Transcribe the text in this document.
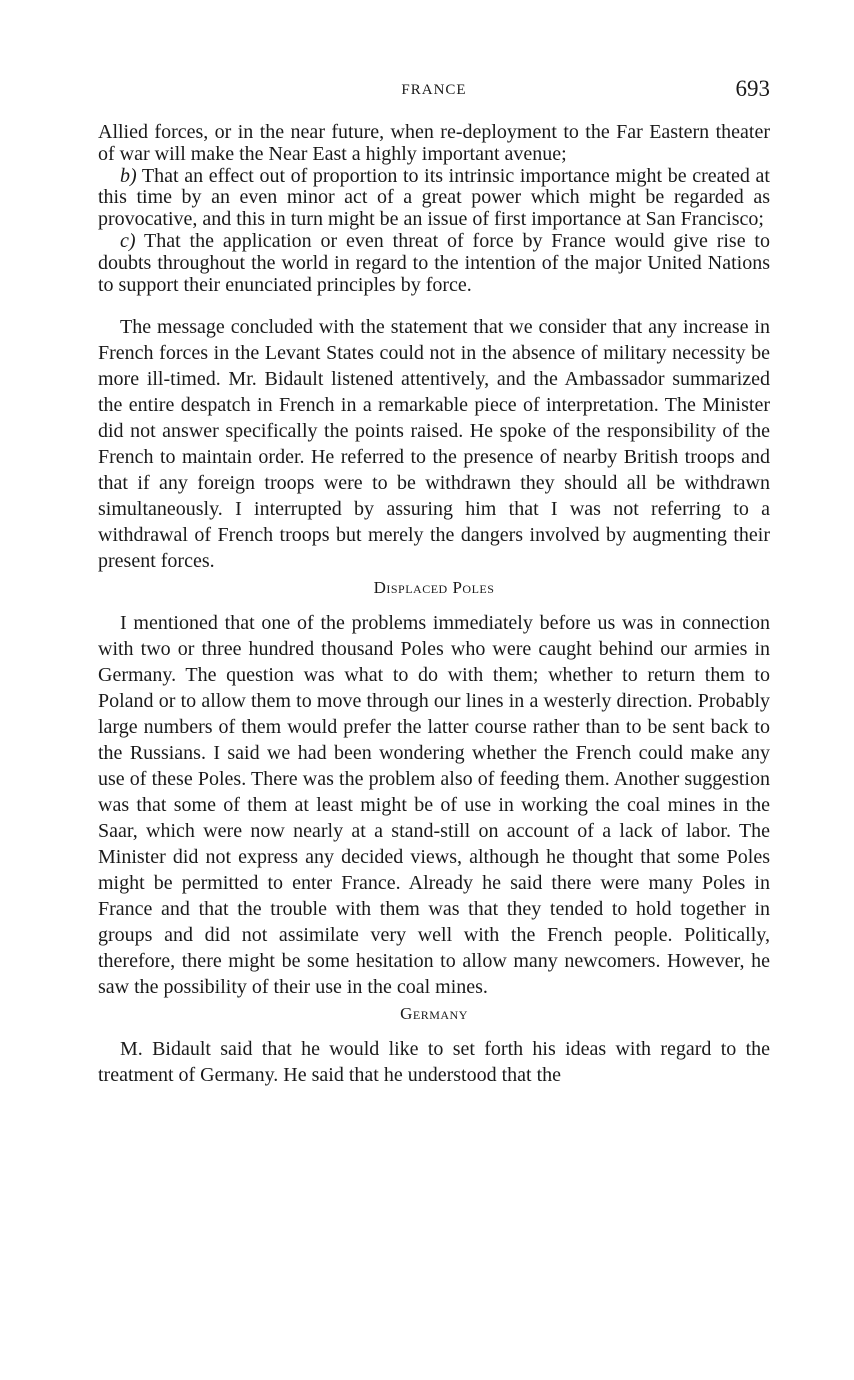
FRANCE	693

Allied forces, or in the near future, when re-deployment to the Far Eastern theater of war will make the Near East a highly important avenue;

b) That an effect out of proportion to its intrinsic importance might be created at this time by an even minor act of a great power which might be regarded as provocative, and this in turn might be an issue of first importance at San Francisco;

c) That the application or even threat of force by France would give rise to doubts throughout the world in regard to the intention of the major United Nations to support their enunciated principles by force.

The message concluded with the statement that we consider that any increase in French forces in the Levant States could not in the absence of military necessity be more ill-timed. Mr. Bidault listened attentively, and the Ambassador summarized the entire despatch in French in a remarkable piece of interpretation. The Minister did not answer specifically the points raised. He spoke of the responsibility of the French to maintain order. He referred to the presence of nearby British troops and that if any foreign troops were to be withdrawn they should all be withdrawn simultaneously. I interrupted by assuring him that I was not referring to a withdrawal of French troops but merely the dangers involved by augmenting their present forces.

Displaced Poles

I mentioned that one of the problems immediately before us was in connection with two or three hundred thousand Poles who were caught behind our armies in Germany. The question was what to do with them; whether to return them to Poland or to allow them to move through our lines in a westerly direction. Probably large numbers of them would prefer the latter course rather than to be sent back to the Russians. I said we had been wondering whether the French could make any use of these Poles. There was the problem also of feeding them. Another suggestion was that some of them at least might be of use in working the coal mines in the Saar, which were now nearly at a stand-still on account of a lack of labor. The Minister did not express any decided views, although he thought that some Poles might be permitted to enter France. Already he said there were many Poles in France and that the trouble with them was that they tended to hold together in groups and did not assimilate very well with the French people. Politically, therefore, there might be some hesitation to allow many newcomers. However, he saw the possibility of their use in the coal mines.

Germany

M. Bidault said that he would like to set forth his ideas with regard to the treatment of Germany. He said that he understood that the
